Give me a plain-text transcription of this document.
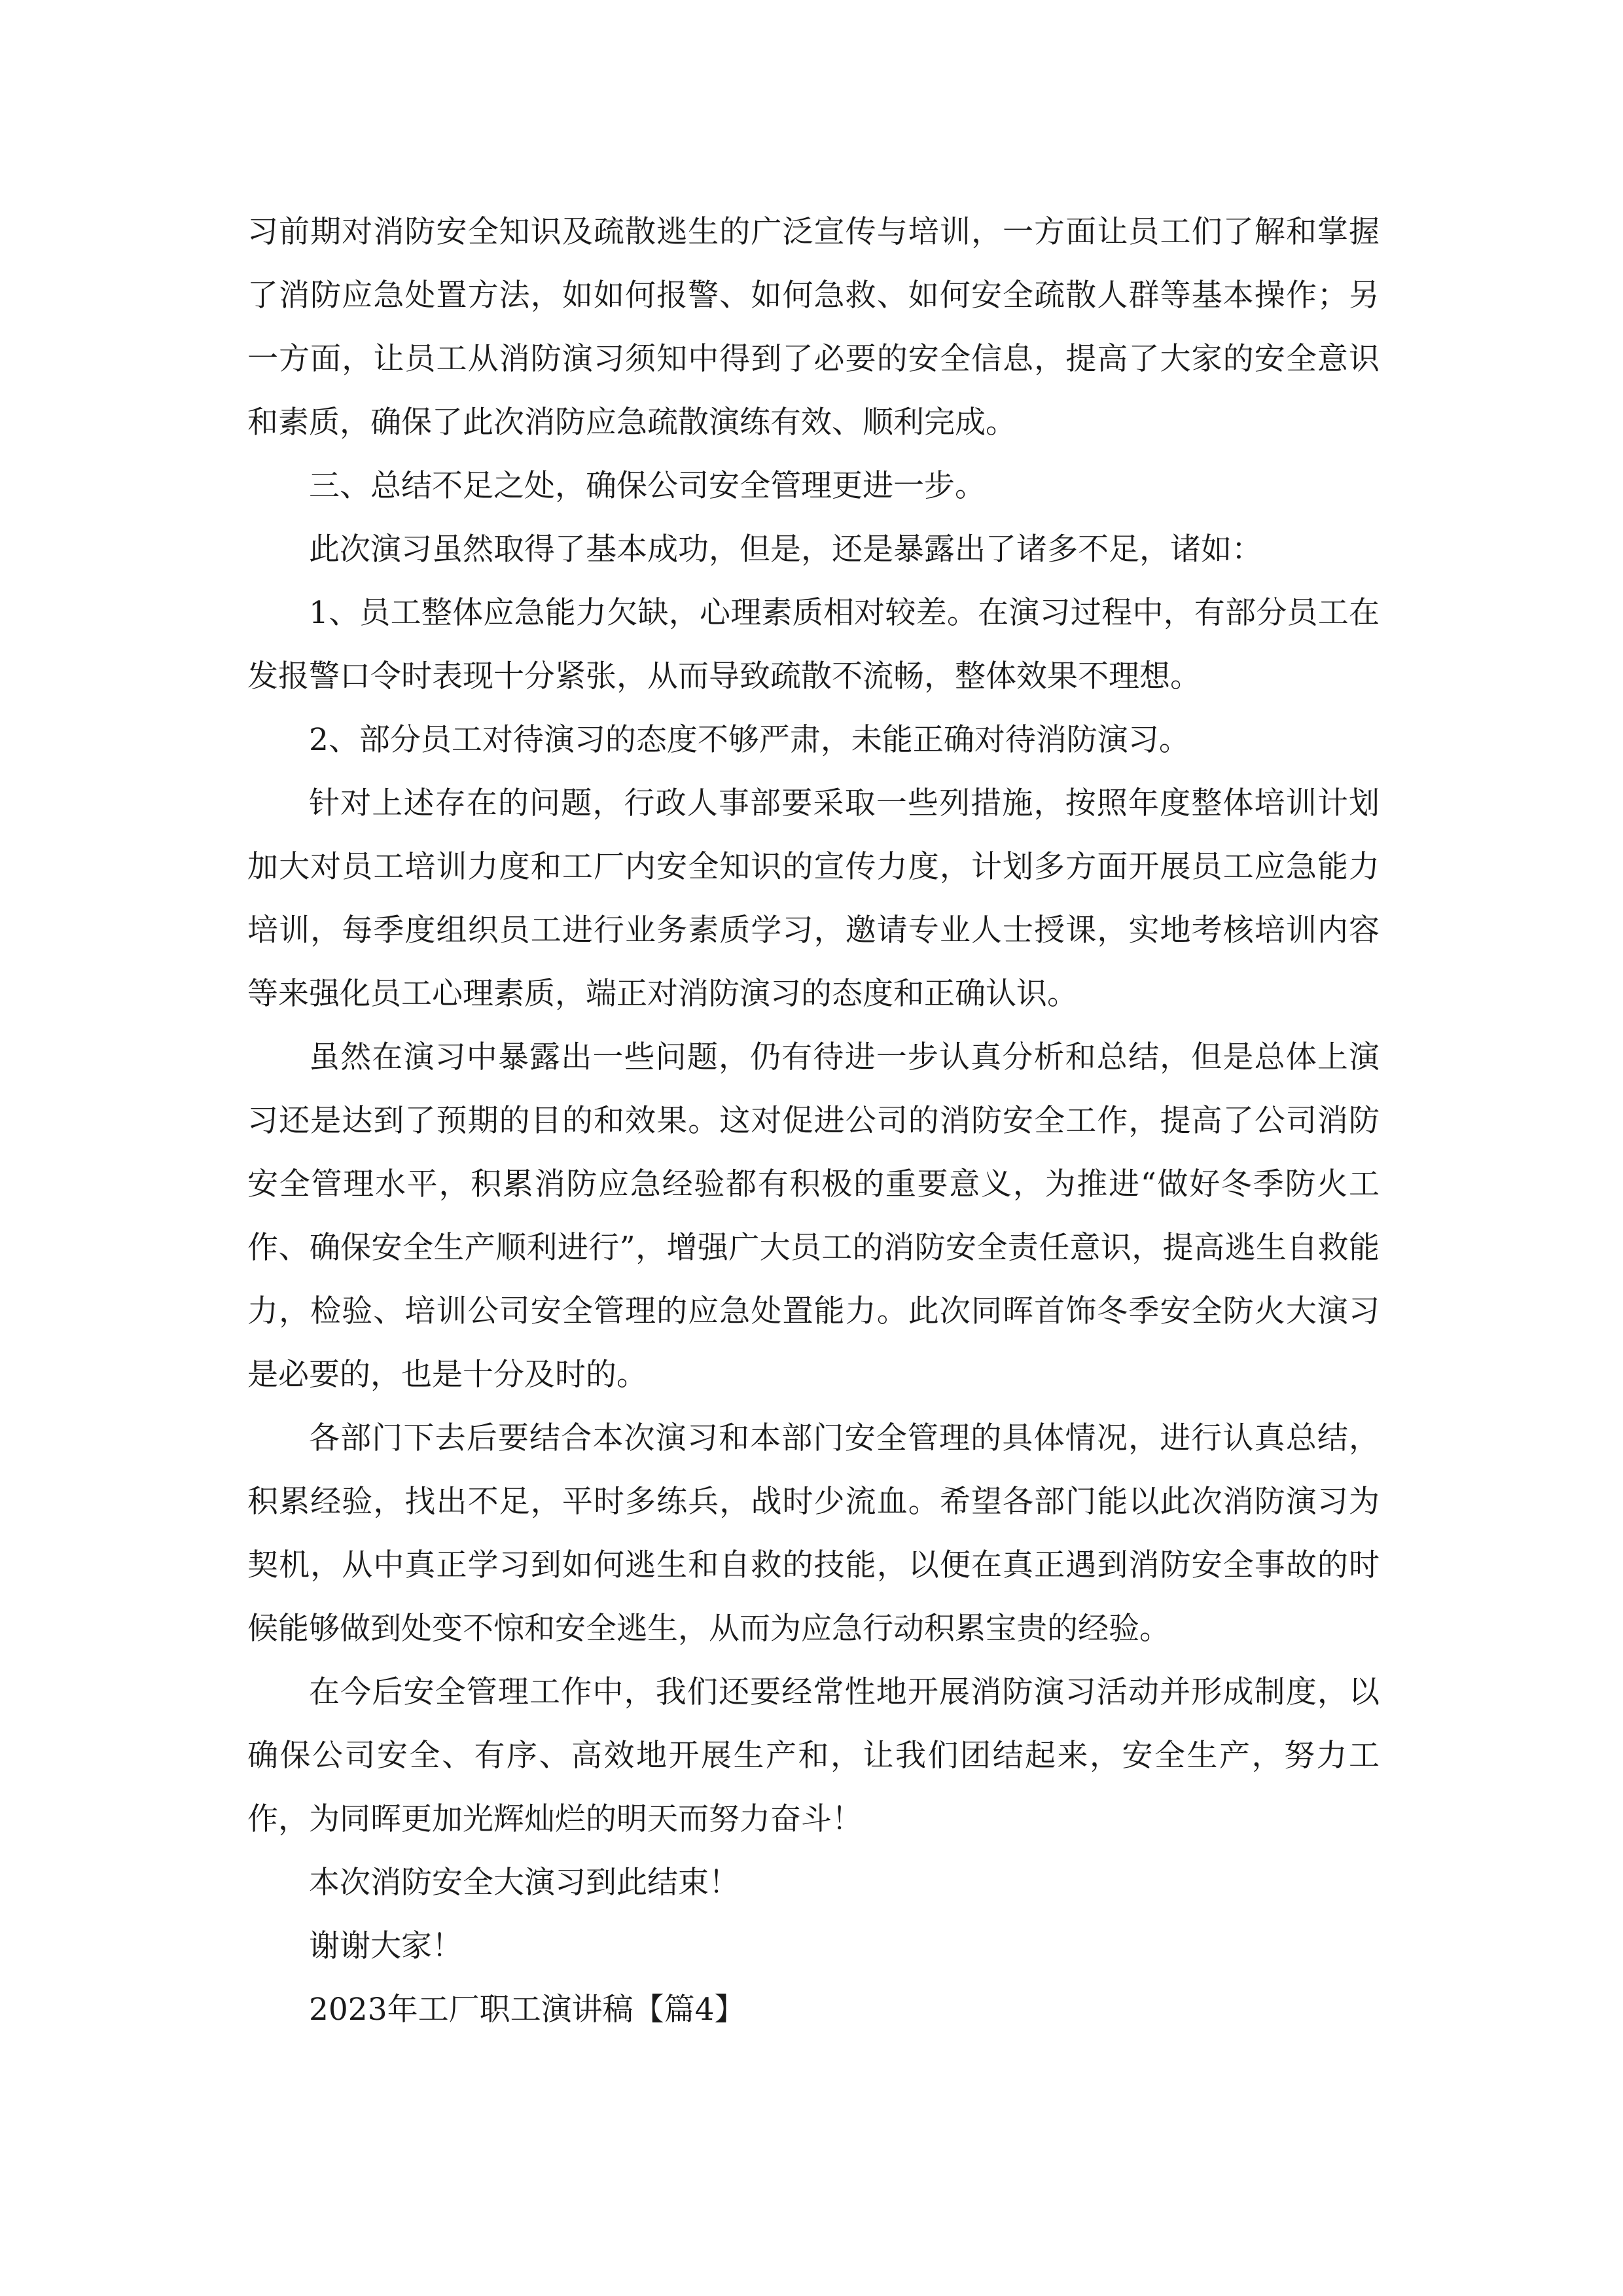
习前期对消防安全知识及疏散逃生的广泛宣传与培训，一方面让员工们了解和掌握了消防应急处置方法，如如何报警、如何急救、如何安全疏散人群等基本操作；另一方面，让员工从消防演习须知中得到了必要的安全信息，提高了大家的安全意识和素质，确保了此次消防应急疏散演练有效、顺利完成。

三、总结不足之处，确保公司安全管理更进一步。

此次演习虽然取得了基本成功，但是，还是暴露出了诸多不足，诸如：

1、员工整体应急能力欠缺，心理素质相对较差。在演习过程中，有部分员工在发报警口令时表现十分紧张，从而导致疏散不流畅，整体效果不理想。

2、部分员工对待演习的态度不够严肃，未能正确对待消防演习。

针对上述存在的问题，行政人事部要采取一些列措施，按照年度整体培训计划加大对员工培训力度和工厂内安全知识的宣传力度，计划多方面开展员工应急能力培训，每季度组织员工进行业务素质学习，邀请专业人士授课，实地考核培训内容等来强化员工心理素质，端正对消防演习的态度和正确认识。

虽然在演习中暴露出一些问题，仍有待进一步认真分析和总结，但是总体上演习还是达到了预期的目的和效果。这对促进公司的消防安全工作，提高了公司消防安全管理水平，积累消防应急经验都有积极的重要意义，为推进“做好冬季防火工作、确保安全生产顺利进行”，增强广大员工的消防安全责任意识，提高逃生自救能力，检验、培训公司安全管理的应急处置能力。此次同晖首饰冬季安全防火大演习是必要的，也是十分及时的。

各部门下去后要结合本次演习和本部门安全管理的具体情况，进行认真总结，积累经验，找出不足，平时多练兵，战时少流血。希望各部门能以此次消防演习为契机，从中真正学习到如何逃生和自救的技能，以便在真正遇到消防安全事故的时候能够做到处变不惊和安全逃生，从而为应急行动积累宝贵的经验。

在今后安全管理工作中，我们还要经常性地开展消防演习活动并形成制度，以确保公司安全、有序、高效地开展生产和，让我们团结起来，安全生产，努力工作，为同晖更加光辉灿烂的明天而努力奋斗！

本次消防安全大演习到此结束！

谢谢大家！

2023年工厂职工演讲稿【篇4】
